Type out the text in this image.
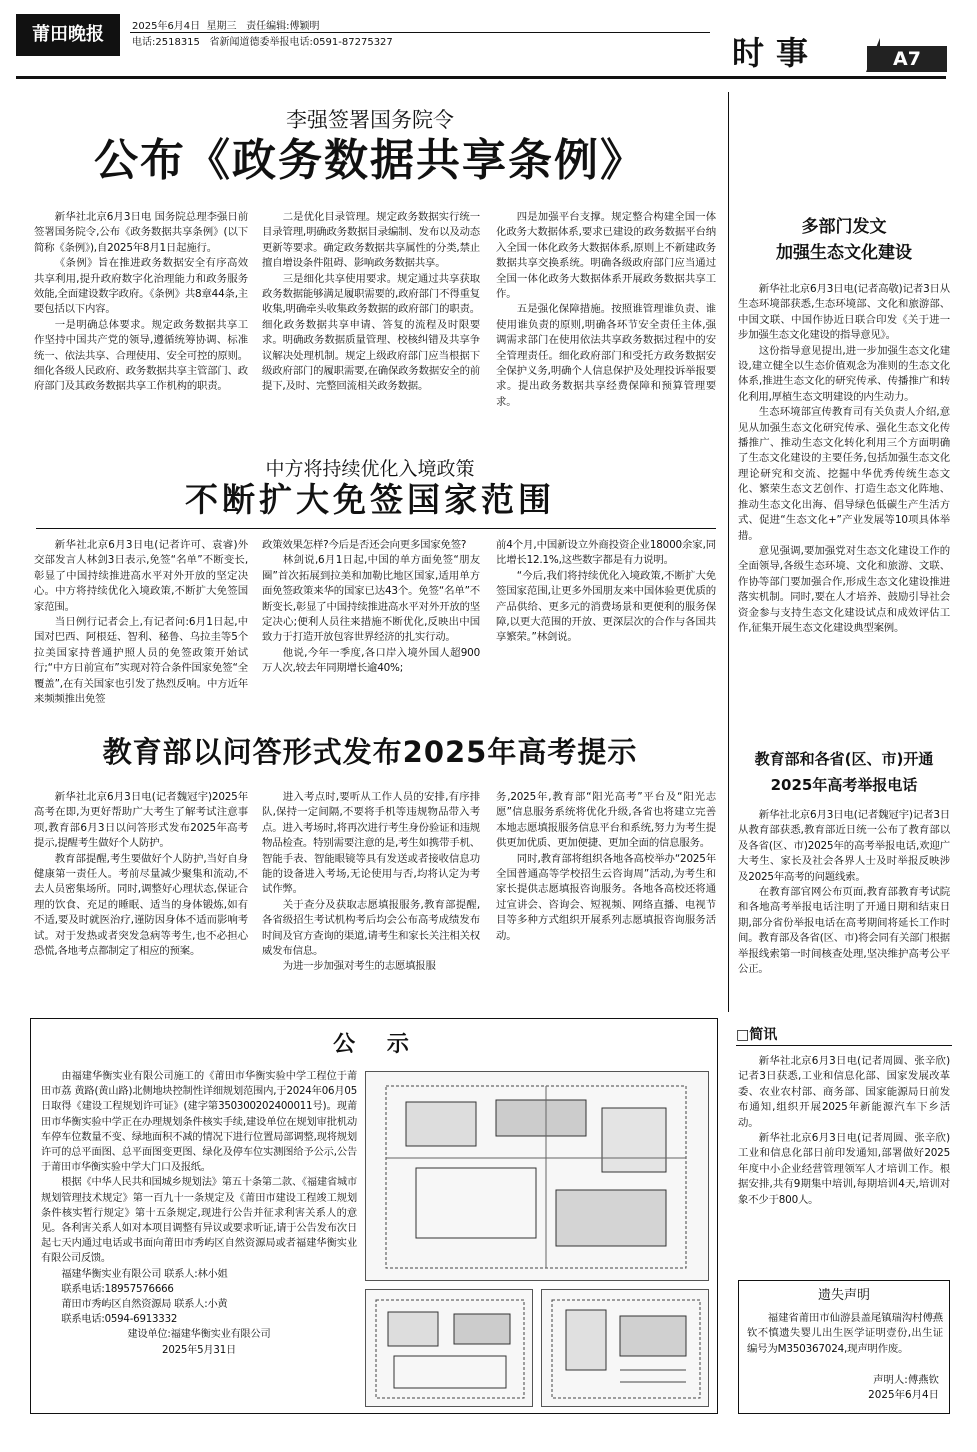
莆田晚报	2025年6月4日 星期三 责任编辑:傅颖明
电话:2518315 省新闻道德委举报电话:0591-87275327	时事	A7
李强签署国务院令
公布《政务数据共享条例》

新华社北京6月3日电 国务院总理李强日前签署国务院令,公布《政务数据共享条例》(以下简称《条例》),自2025年8月1日起施行。

《条例》旨在推进政务数据安全有序高效共享利用,提升政府数字化治理能力和政务服务效能,全面建设数字政府。《条例》共8章44条,主要包括以下内容。

一是明确总体要求。规定政务数据共享工作坚持中国共产党的领导,遵循统筹协调、标准统一、依法共享、合理使用、安全可控的原则。细化各级人民政府、政务数据共享主管部门、政府部门及其政务数据共享工作机构的职责。

二是优化目录管理。规定政务数据实行统一目录管理,明确政务数据目录编制、发布以及动态更新等要求。确定政务数据共享属性的分类,禁止擅自增设条件阻碍、影响政务数据共享。

三是细化共享使用要求。规定通过共享获取政务数据能够满足履职需要的,政府部门不得重复收集,明确牵头收集政务数据的政府部门的职责。细化政务数据共享申请、答复的流程及时限要求。明确政务数据质量管理、校核纠错及共享争议解决处理机制。规定上级政府部门应当根据下级政府部门的履职需要,在确保政务数据安全的前提下,及时、完整回流相关政务数据。

四是加强平台支撑。规定整合构建全国一体化政务大数据体系,要求已建设的政务数据平台纳入全国一体化政务大数据体系,原则上不新建政务数据共享交换系统。明确各级政府部门应当通过全国一体化政务大数据体系开展政务数据共享工作。

五是强化保障措施。按照谁管理谁负责、谁使用谁负责的原则,明确各环节安全责任主体,强调需求部门在使用依法共享政务数据过程中的安全管理责任。细化政府部门和受托方政务数据安全保护义务,明确个人信息保护及处理投诉举报要求。提出政务数据共享经费保障和预算管理要求。

中方将持续优化入境政策
不断扩大免签国家范围

新华社北京6月3日电(记者许可、袁睿)外交部发言人林剑3日表示,免签“名单”不断变长,彰显了中国持续推进高水平对外开放的坚定决心。中方将持续优化入境政策,不断扩大免签国家范围。

当日例行记者会上,有记者问:6月1日起,中国对巴西、阿根廷、智利、秘鲁、乌拉圭等5个拉美国家持普通护照人员的免签政策开始试行;“中方日前宣布”实现对符合条件国家免签“全覆盖”,在有关国家也引发了热烈反响。中方近年来频频推出免签

政策效果怎样?今后是否还会向更多国家免签?

林剑说,6月1日起,中国的单方面免签“朋友圈”首次拓展到拉美和加勒比地区国家,适用单方面免签政策来华的国家已达43个。免签“名单”不断变长,彰显了中国持续推进高水平对外开放的坚定决心;便利人员往来措施不断优化,反映出中国致力于打造开放包容世界经济的扎实行动。

他说,今年一季度,各口岸入境外国人超900万人次,较去年同期增长逾40%;

前4个月,中国新设立外商投资企业18000余家,同比增长12.1%,这些数字都是有力说明。

“今后,我们将持续优化入境政策,不断扩大免签国家范围,让更多外国朋友来中国体验更优质的产品供给、更多元的消费场景和更便利的服务保障,以更大范围的开放、更深层次的合作与各国共享繁荣。”林剑说。

教育部以问答形式发布2025年高考提示

新华社北京6月3日电(记者魏冠宇)2025年高考在即,为更好帮助广大考生了解考试注意事项,教育部6月3日以问答形式发布2025年高考提示,提醒考生做好个人防护。

教育部提醒,考生要做好个人防护,当好自身健康第一责任人。考前尽量减少聚集和流动,不去人员密集场所。同时,调整好心理状态,保证合理的饮食、充足的睡眠、适当的身体锻炼,如有不适,要及时就医治疗,谨防因身体不适而影响考试。对于发热或者突发急病等考生,也不必担心恐慌,各地考点都制定了相应的预案。

进入考点时,要听从工作人员的安排,有序排队,保持一定间隔,不要将手机等违规物品带入考点。进入考场时,将再次进行考生身份验证和违规物品检查。特别需要注意的是,考生如携带手机、智能手表、智能眼镜等具有发送或者接收信息功能的设备进入考场,无论使用与否,均将认定为考试作弊。

关于查分及获取志愿填报服务,教育部提醒,各省级招生考试机构考后均会公布高考成绩发布时间及官方查询的渠道,请考生和家长关注相关权威发布信息。

为进一步加强对考生的志愿填报服

务,2025年,教育部“阳光高考”平台及“阳光志愿”信息服务系统将优化升级,各省也将建立完善本地志愿填报服务信息平台和系统,努力为考生提供更加优质、更加便捷、更加全面的信息服务。

同时,教育部将组织各地各高校举办“2025年全国普通高等学校招生云咨询周”活动,为考生和家长提供志愿填报咨询服务。各地各高校还将通过宣讲会、咨询会、短视频、网络直播、电视节目等多种方式组织开展系列志愿填报咨询服务活动。

多部门发文
加强生态文化建设

新华社北京6月3日电(记者高敬)记者3日从生态环境部获悉,生态环境部、文化和旅游部、中国文联、中国作协近日联合印发《关于进一步加强生态文化建设的指导意见》。

这份指导意见提出,进一步加强生态文化建设,建立健全以生态价值观念为准则的生态文化体系,推进生态文化的研究传承、传播推广和转化利用,厚植生态文明建设的内生动力。

生态环境部宣传教育司有关负责人介绍,意见从加强生态文化研究传承、强化生态文化传播推广、推动生态文化转化利用三个方面明确了生态文化建设的主要任务,包括加强生态文化理论研究和交流、挖掘中华优秀传统生态文化、繁荣生态文艺创作、打造生态文化阵地、推动生态文化出海、倡导绿色低碳生产生活方式、促进“生态文化+”产业发展等10项具体举措。

意见强调,要加强党对生态文化建设工作的全面领导,各级生态环境、文化和旅游、文联、作协等部门要加强合作,形成生态文化建设推进落实机制。同时,要在人才培养、鼓励引导社会资金参与支持生态文化建设试点和成效评估工作,征集开展生态文化建设典型案例。

教育部和各省(区、市)开通
2025年高考举报电话

新华社北京6月3日电(记者魏冠宇)记者3日从教育部获悉,教育部近日统一公布了教育部以及各省(区、市)2025年的高考举报电话,欢迎广大考生、家长及社会各界人士及时举报反映涉及2025年高考的问题线索。

在教育部官网公布页面,教育部教育考试院和各地高考举报电话注明了开通日期和结束日期,部分省份举报电话在高考期间将延长工作时间。教育部及各省(区、市)将会同有关部门根据举报线索第一时间核查处理,坚决维护高考公平公正。

公 示

由福建华衡实业有限公司施工的《莆田市华衡实验中学工程位于莆田市荔 黄路(黄山路)北侧地块控制性详细规划范围内,于2024年06月05日取得《建设工程规划许可证》(建字第350300202400011号)。现莆田市华衡实验中学正在办理规划条件核实手续,建设单位在规划审批机动车停车位数量不变、绿地面积不减的情况下进行位置局部调整,现将规划许可的总平面图、总平面图变更图、绿化及停车位实测图给予公示,公告于莆田市华衡实验中学大门口及报纸。

根据《中华人民共和国城乡规划法》第五十条第二款、《福建省城市规划管理技术规定》第一百九十一条规定及《莆田市建设工程竣工规划条件核实暂行规定》第十五条规定,现进行公告并征求利害关系人的意见。各利害关系人如对本项目调整有异议或要求听证,请于公告发布次日起七天内通过电话或书面向莆田市秀屿区自然资源局或者福建华衡实业有限公司反馈。

福建华衡实业有限公司 联系人:林小姐

联系电话:18957576666

莆田市秀屿区自然资源局 联系人:小黄

联系电话:0594-6913332

建设单位:福建华衡实业有限公司
2025年5月31日
□简讯

新华社北京6月3日电(记者周圆、张辛欣)记者3日获悉,工业和信息化部、国家发展改革委、农业农村部、商务部、国家能源局日前发布通知,组织开展2025年新能源汽车下乡活动。

新华社北京6月3日电(记者周圆、张辛欣)工业和信息化部日前印发通知,部署做好2025年度中小企业经营管理领军人才培训工作。根据安排,共有9期集中培训,每期培训4天,培训对象不少于800人。

遗失声明

福建省莆田市仙游县盖尾镇瑞沟村傅燕钦不慎遗失婴儿出生医学证明壹份,出生证编号为M350367024,现声明作废。

声明人:傅燕钦
2025年6月4日
